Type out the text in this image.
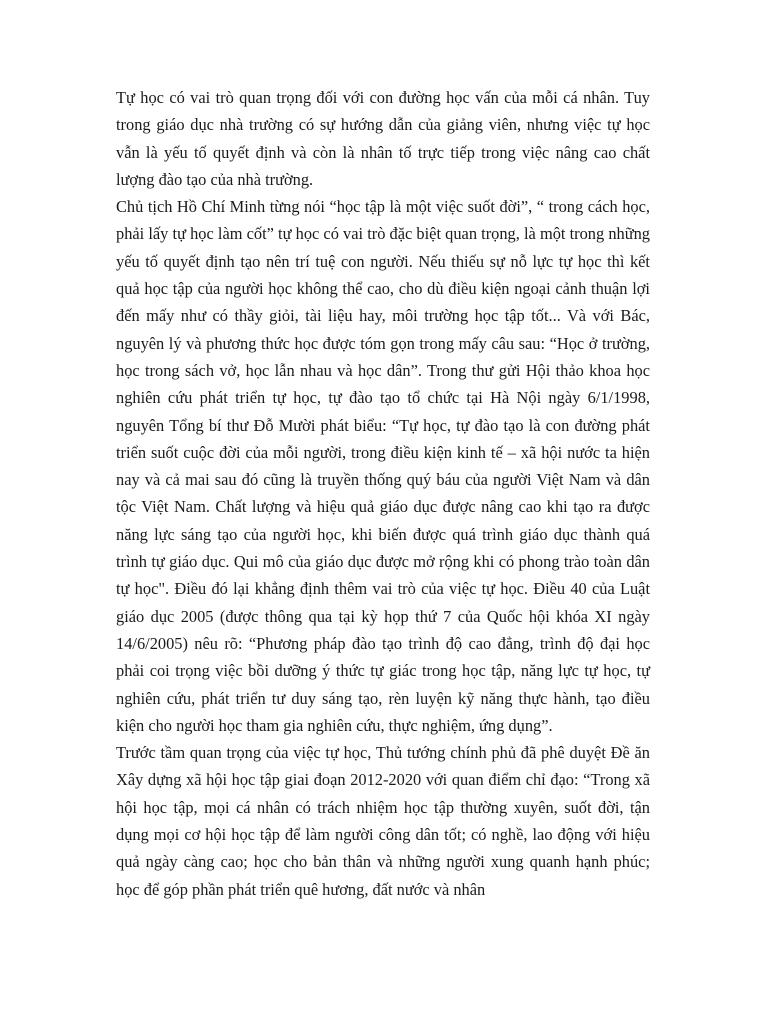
Tự học có vai trò quan trọng đối với con đường học vấn của mỗi cá nhân. Tuy trong giáo dục nhà trường có sự hướng dẫn của giảng viên, nhưng việc tự học vẫn là yếu tố quyết định và còn là nhân tố trực tiếp trong việc nâng cao chất lượng đào tạo của nhà trường.

Chủ tịch Hồ Chí Minh từng nói “học tập là một việc suốt đời”, “ trong cách học, phải lấy tự học làm cốt” tự học có vai trò đặc biệt quan trọng, là một trong những yếu tố quyết định tạo nên trí tuệ con người. Nếu thiếu sự nỗ lực tự học thì kết quả học tập của người học không thể cao, cho dù điều kiện ngoại cảnh thuận lợi đến mấy như có thầy giỏi, tài liệu hay, môi trường học tập tốt... Và với Bác, nguyên lý và phương thức học được tóm gọn trong mấy câu sau: “Học ở trường, học trong sách vở, học lẫn nhau và học dân”. Trong thư gửi Hội thảo khoa học nghiên cứu phát triển tự học, tự đào tạo tổ chức tại Hà Nội ngày 6/1/1998, nguyên Tổng bí thư Đỗ Mười phát biểu: “Tự học, tự đào tạo là con đường phát triển suốt cuộc đời của mỗi người, trong điều kiện kinh tế – xã hội nước ta hiện nay và cả mai sau đó cũng là truyền thống quý báu của người Việt Nam và dân tộc Việt Nam. Chất lượng và hiệu quả giáo dục được nâng cao khi tạo ra được năng lực sáng tạo của người học, khi biến được quá trình giáo dục thành quá trình tự giáo dục. Qui mô của giáo dục được mở rộng khi có phong trào toàn dân tự học". Điều đó lại khẳng định thêm vai trò của việc tự học. Điều 40 của Luật giáo dục 2005 (được thông qua tại kỳ họp thứ 7 của Quốc hội khóa XI ngày 14/6/2005) nêu rõ: “Phương pháp đào tạo trình độ cao đẳng, trình độ đại học phải coi trọng việc bồi dưỡng ý thức tự giác trong học tập, năng lực tự học, tự nghiên cứu, phát triển tư duy sáng tạo, rèn luyện kỹ năng thực hành, tạo điều kiện cho người học tham gia nghiên cứu, thực nghiệm, ứng dụng”.

Trước tầm quan trọng của việc tự học, Thủ tướng chính phủ đã phê duyệt Đề ăn Xây dựng xã hội học tập giai đoạn 2012-2020 với quan điểm chỉ đạo: “Trong xã hội học tập, mọi cá nhân có trách nhiệm học tập thường xuyên, suốt đời, tận dụng mọi cơ hội học tập để làm người công dân tốt; có nghề, lao động với hiệu quả ngày càng cao; học cho bản thân và những người xung quanh hạnh phúc; học để góp phần phát triển quê hương, đất nước và nhân
